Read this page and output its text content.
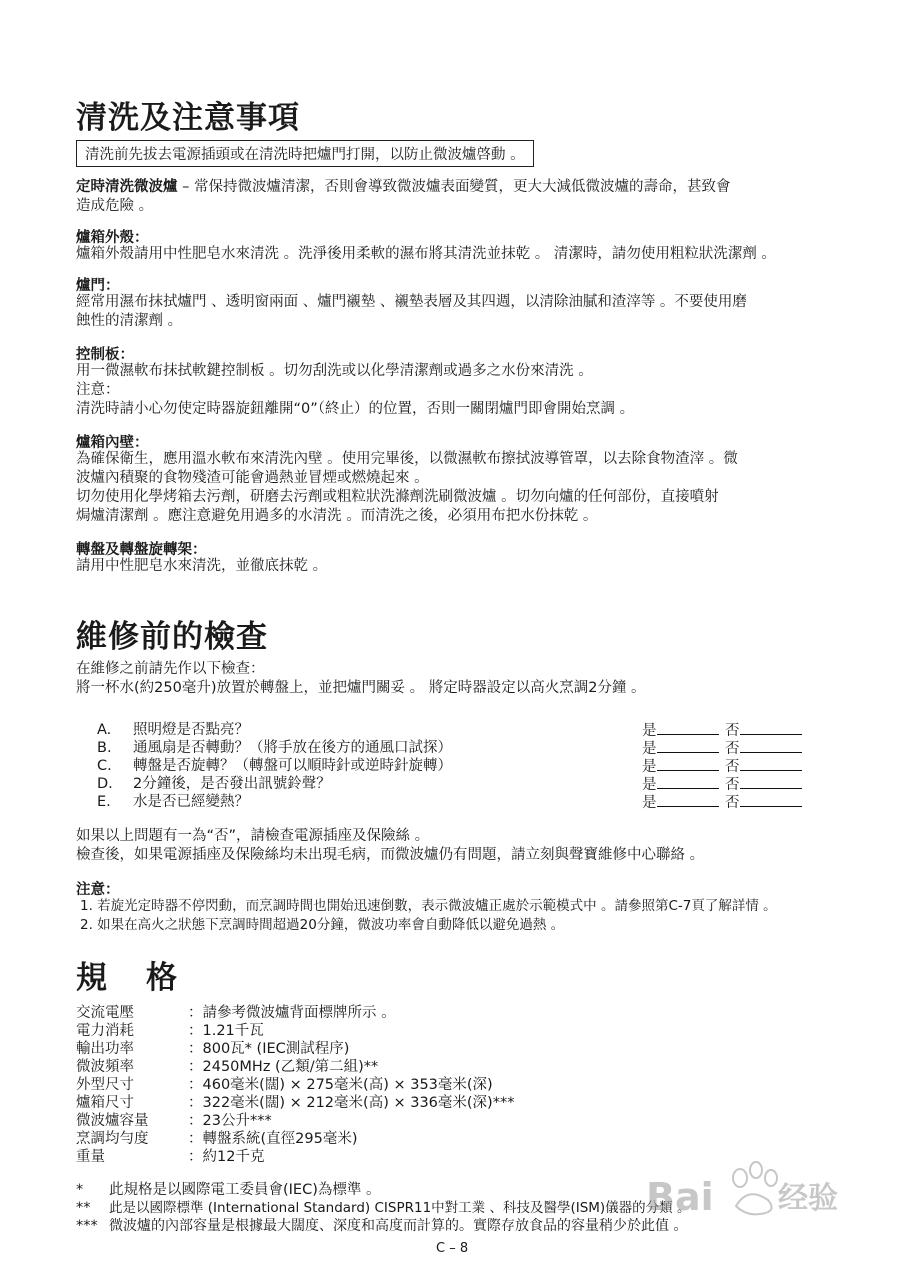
清洗及注意事項
清洗前先拔去電源插頭或在清洗時把爐門打開，以防止微波爐啓動 。

定時清洗微波爐 – 常保持微波爐清潔，否則會導致微波爐表面變質，更大大減低微波爐的壽命，甚致會
造成危險 。

爐箱外殼：

爐箱外殼請用中性肥皂水來清洗 。洗淨後用柔軟的濕布將其清洗並抹乾 。 清潔時，請勿使用粗粒狀洗潔劑 。

爐門：

經常用濕布抹拭爐門 、透明窗兩面 、爐門襯墊 、襯墊表層及其四週，以清除油膩和渣滓等 。不要使用磨
蝕性的清潔劑 。

控制板：

用一微濕軟布抹拭軟鍵控制板 。切勿刮洗或以化學清潔劑或過多之水份來清洗 。
注意：
清洗時請小心勿使定時器旋鈕離開“0”（終止）的位置，否則一關閉爐門即會開始烹調 。

爐箱內壁：

為確保衛生，應用溫水軟布來清洗內壁 。使用完畢後，以微濕軟布擦拭波導管罩，以去除食物渣滓 。微
波爐內積聚的食物殘渣可能會過熱並冒煙或燃燒起來 。
切勿使用化學烤箱去污劑，研磨去污劑或粗粒狀洗滌劑洗刷微波爐 。切勿向爐的任何部份，直接噴射
焗爐清潔劑 。應注意避免用過多的水清洗 。而清洗之後，必須用布把水份抹乾 。

轉盤及轉盤旋轉架：

請用中性肥皂水來清洗，並徹底抹乾 。

維修前的檢查

在維修之前請先作以下檢查：
將一杯水(約250毫升)放置於轉盤上，並把爐門關妥 。 將定時器設定以高火烹調2分鐘 。

A.	照明燈是否點亮？	是	否
B.	通風扇是否轉動？（將手放在後方的通風口試探）	是	否
C.	轉盤是否旋轉？（轉盤可以順時針或逆時針旋轉）	是	否
D. 2分鐘後，是否發出訊號鈴聲？	是	否
E.	水是否已經變熱？	是	否

如果以上問題有一為“否”，請檢查電源插座及保險絲 。
檢查後，如果電源插座及保險絲均未出現毛病，而微波爐仍有問題，請立刻與聲寶維修中心聯絡 。

注意：

1. 若旋光定時器不停閃動，而烹調時間也開始迅速倒數，表示微波爐正處於示範模式中 。請參照第C-7頁了解詳情 。
2. 如果在高火之狀態下烹調時間超過20分鐘，微波功率會自動降低以避免過熱 。

規　格
交流電壓	：請參考微波爐背面標牌所示 。
電力消耗	：1.21千瓦
輸出功率	：800瓦* (IEC測試程序)
微波頻率	：2450MHz (乙類/第二組)**
外型尺寸	：460毫米(闊) × 275毫米(高) × 353毫米(深)
爐箱尺寸	：322毫米(闊) × 212毫米(高) × 336毫米(深)***
微波爐容量	：23公升***
烹調均勻度	：轉盤系統(直徑295毫米)
重量	：約12千克
* 此規格是以國際電工委員會(IEC)為標準 。
** 此是以國際標準 (International Standard) CISPR11中對工業 、科技及醫學(ISM)儀器的分類 。
*** 微波爐的內部容量是根據最大闊度、深度和高度而計算的。實際存放食品的容量稍少於此值 。
C – 8
Bai 经验
